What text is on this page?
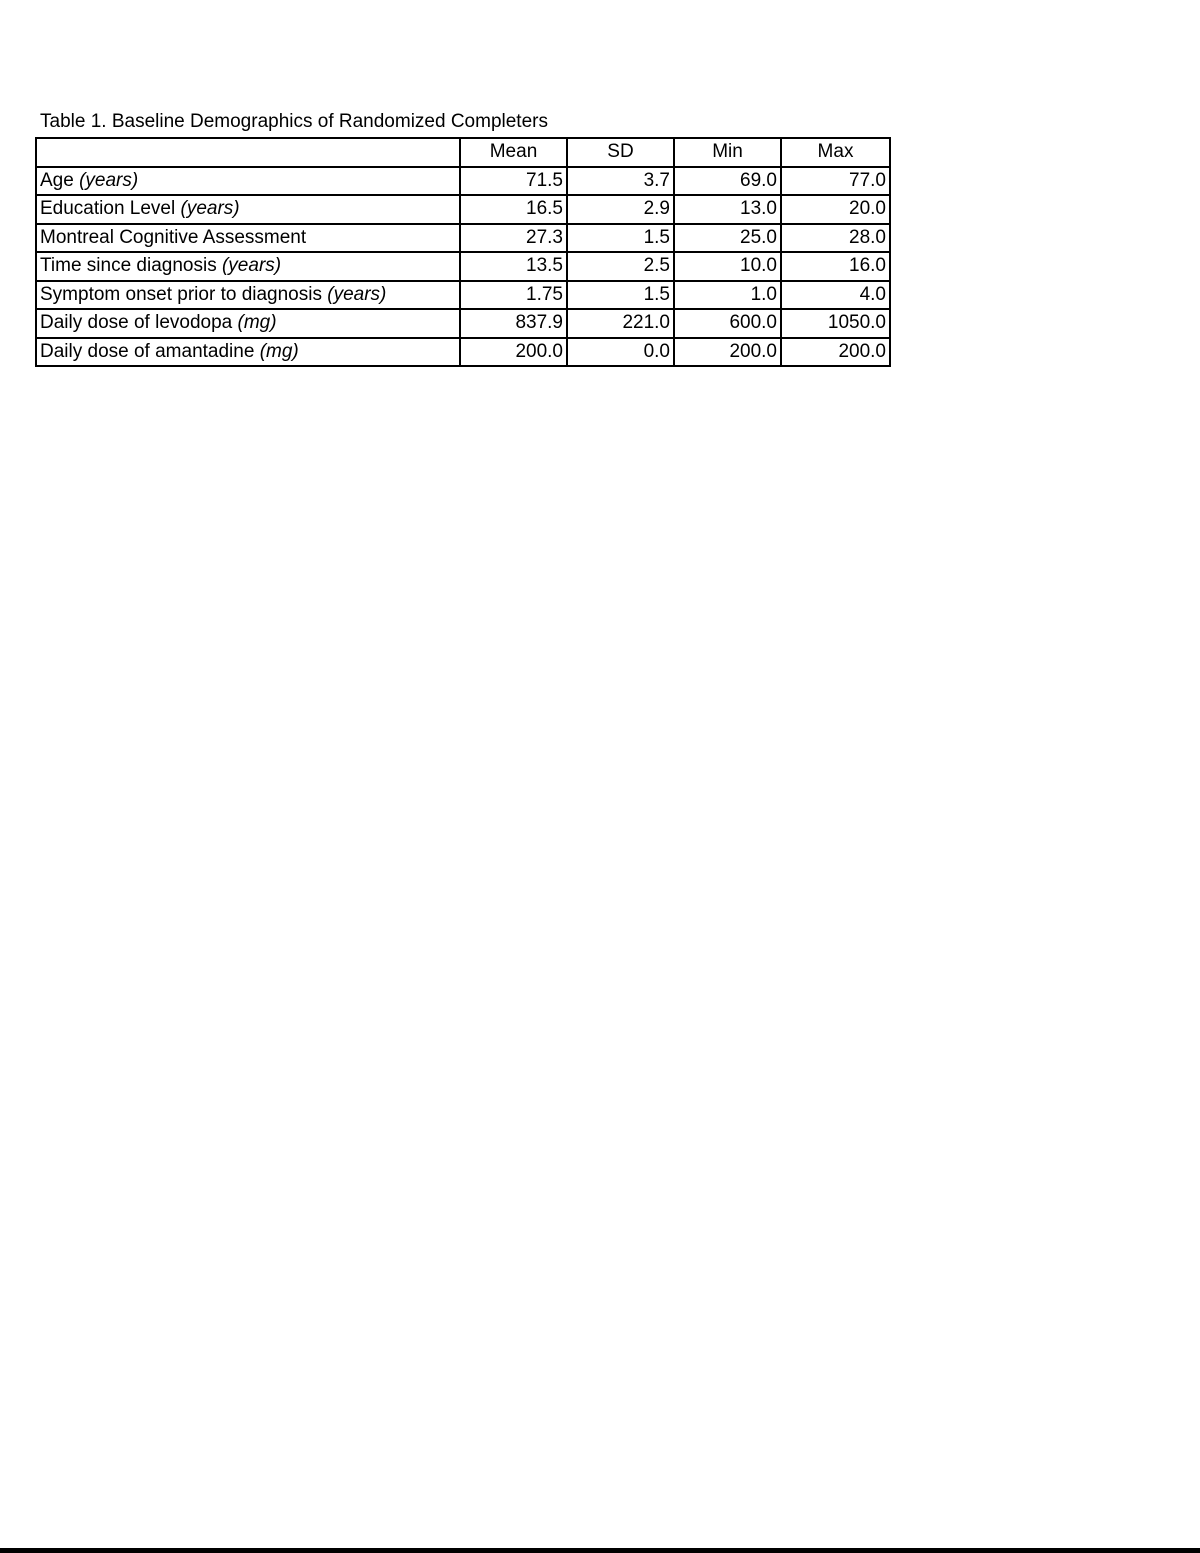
Table 1. Baseline Demographics of Randomized Completers
	Mean	SD	Min	Max
Age (years)	71.5	3.7	69.0	77.0
Education Level (years)	16.5	2.9	13.0	20.0
Montreal Cognitive Assessment	27.3	1.5	25.0	28.0
Time since diagnosis (years)	13.5	2.5	10.0	16.0
Symptom onset prior to diagnosis (years)	1.75	1.5	1.0	4.0
Daily dose of levodopa (mg)	837.9	221.0	600.0	1050.0
Daily dose of amantadine (mg)	200.0	0.0	200.0	200.0
